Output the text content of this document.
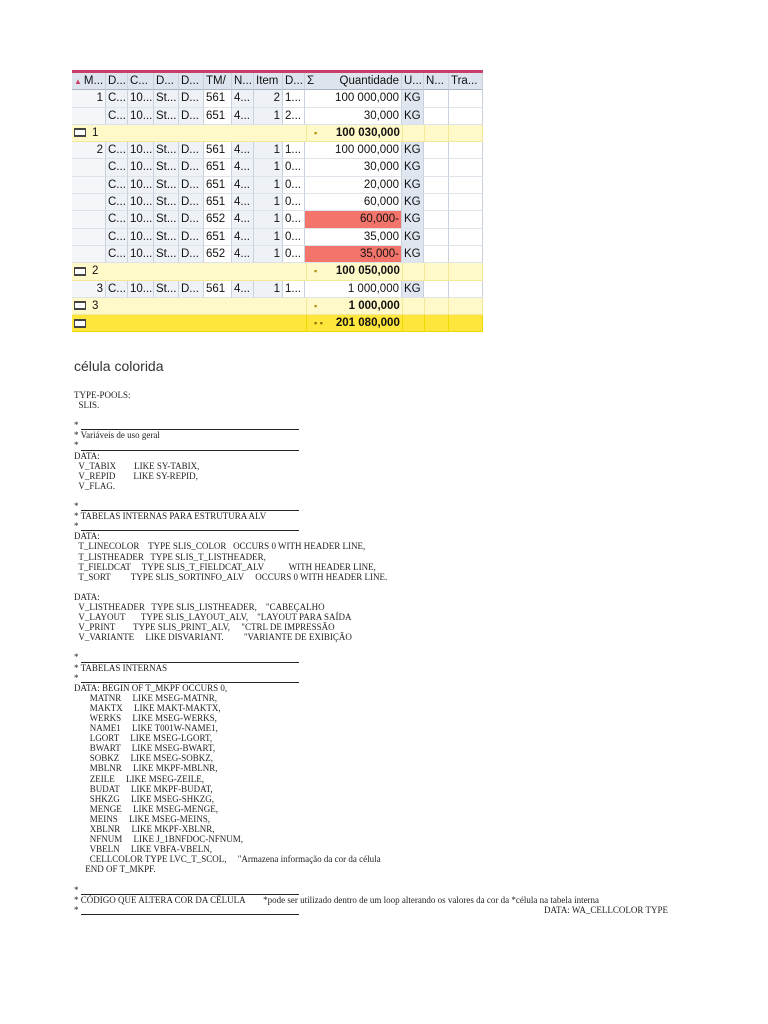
▲ M... D... C... D... D... TM/ N... Item D... Σ Quantidade U... N... Tra...
1 C... 10... St... D... 561 4...	2 1...	100 000,000 KG
C... 10... St... D... 651 4...	1 2...	30,000 KG
1	▪ 100 030,000
2 C... 10... St... D... 561 4...	1 1...	100 000,000 KG
C... 10... St... D... 651 4...	1 0...	30,000 KG
C... 10... St... D... 651 4...	1 0...	20,000 KG
C... 10... St... D... 651 4...	1 0...	60,000 KG
C... 10... St... D... 652 4...	1 0...	60,000- KG
C... 10... St... D... 651 4...	1 0...	35,000 KG
C... 10... St... D... 652 4...	1 0...	35,000- KG
2	▪ 100 050,000
3 C... 10... St... D... 561 4...	1 1...	1 000,000 KG
3	▪	1 000,000
▪ ▪ 201 080,000
célula colorida
TYPE-POOLS:
SLIS.
*
* Variáveis de uso geral
*
DATA:
V_TABIX        LIKE SY-TABIX,
V_REPID        LIKE SY-REPID,
V_FLAG.
*
* TABELAS INTERNAS PARA ESTRUTURA ALV
*
DATA:
T_LINECOLOR    TYPE SLIS_COLOR   OCCURS 0 WITH HEADER LINE,
T_LISTHEADER   TYPE SLIS_T_LISTHEADER,
T_FIELDCAT     TYPE SLIS_T_FIELDCAT_ALV           WITH HEADER LINE,
T_SORT         TYPE SLIS_SORTINFO_ALV     OCCURS 0 WITH HEADER LINE.
DATA:
V_LISTHEADER   TYPE SLIS_LISTHEADER,    "CABEÇALHO
V_LAYOUT       TYPE SLIS_LAYOUT_ALV,    "LAYOUT PARA SAÍDA
V_PRINT        TYPE SLIS_PRINT_ALV,     "CTRL DE IMPRESSÃO
V_VARIANTE     LIKE DISVARIANT.         "VARIANTE DE EXIBIÇÃO
*
* TABELAS INTERNAS
*
DATA: BEGIN OF T_MKPF OCCURS 0,
MATNR     LIKE MSEG-MATNR,
MAKTX     LIKE MAKT-MAKTX,
WERKS     LIKE MSEG-WERKS,
NAME1     LIKE T001W-NAME1,
LGORT     LIKE MSEG-LGORT,
BWART     LIKE MSEG-BWART,
SOBKZ     LIKE MSEG-SOBKZ,
MBLNR     LIKE MKPF-MBLNR,
ZEILE     LIKE MSEG-ZEILE,
BUDAT     LIKE MKPF-BUDAT,
SHKZG     LIKE MSEG-SHKZG,
MENGE     LIKE MSEG-MENGE,
MEINS     LIKE MSEG-MEINS,
XBLNR     LIKE MKPF-XBLNR,
NFNUM     LIKE J_1BNFDOC-NFNUM,
VBELN     LIKE VBFA-VBELN,
CELLCOLOR TYPE LVC_T_SCOL,     "Armazena informação da cor da célula
END OF T_MKPF.
*
* CÓDIGO QUE ALTERA COR DA CÉLULA        *pode ser utilizado dentro de um loop alterando os valores da cor da *célula na tabela interna
*	DATA: WA_CELLCOLOR TYPE
